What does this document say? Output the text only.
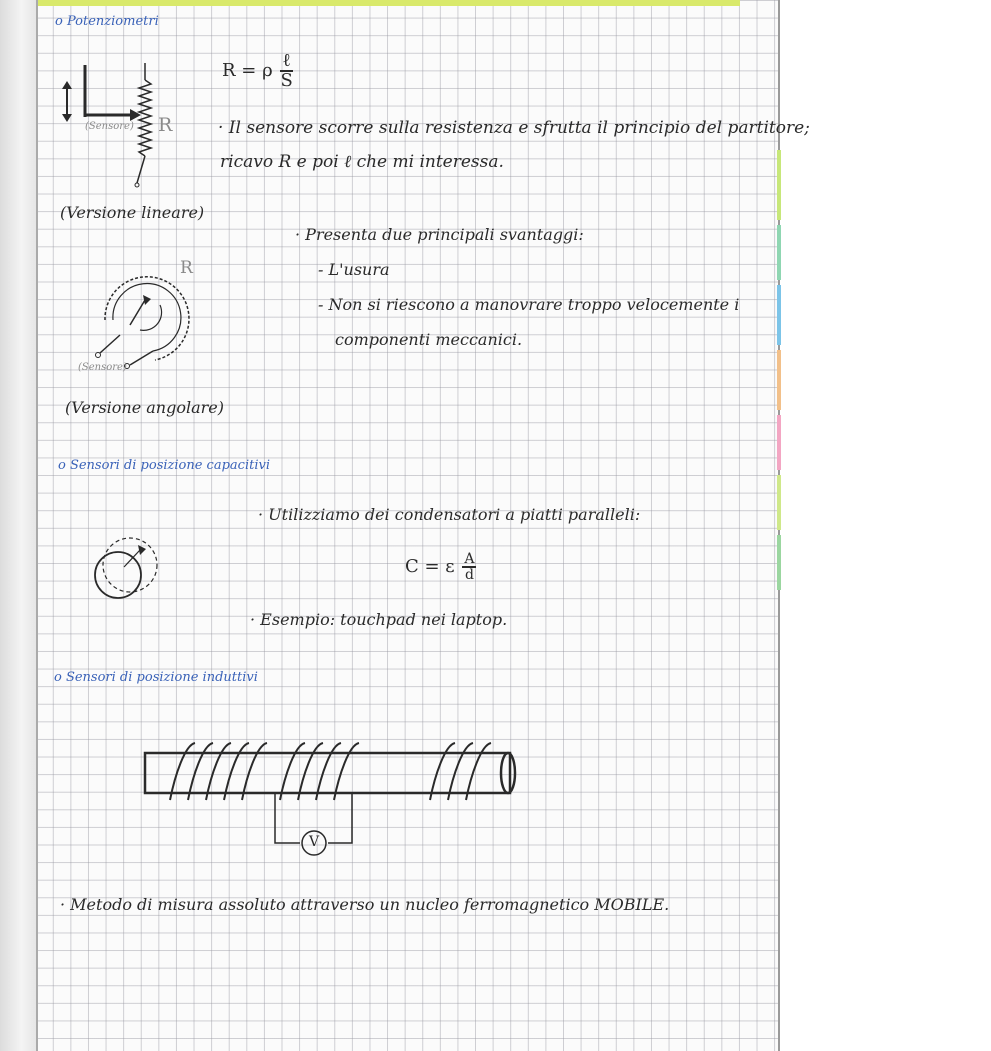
o Potenziometri
o Sensori di posizione capacitivi
o Sensori di posizione induttivi
(Sensore) R
(Versione lineare)
R = ρ $\frac{\text{ℓ}}{S}$
· Il sensore scorre sulla resistenza e sfrutta il principio del partitore;
ricavo R e poi ℓ che mi interessa.
· Presenta due principali svantaggi:
- L'usura
- Non si riescono a manovrare troppo velocemente i
componenti meccanici.
R
(Sensore)
(Versione angolare)
· Utilizziamo dei condensatori a piatti paralleli:
C = ε $\frac{A}{d}$
· Esempio: touchpad nei laptop.
V
· Metodo di misura assoluto attraverso un nucleo ferromagnetico MOBILE.
